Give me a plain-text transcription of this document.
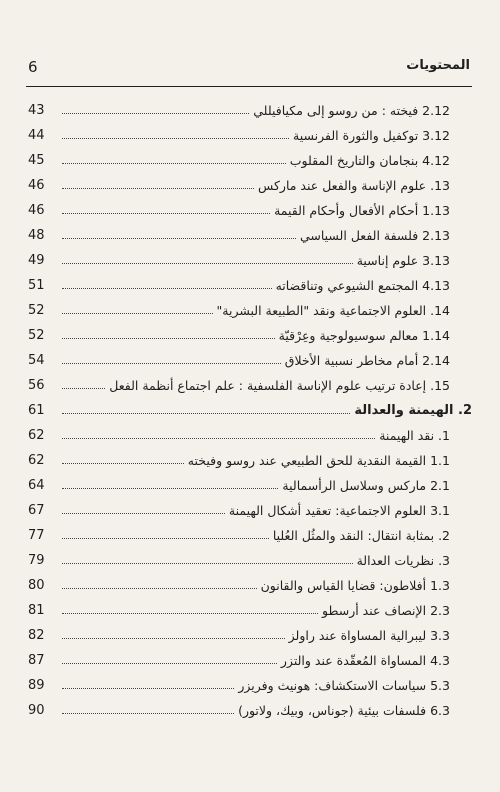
6	المحتويات
2.12 فيخته : من روسو إلى مكيافيللي
43
3.12 توكفيل والثورة الفرنسية
44
4.12 بنجامان والتاريخ المقلوب
45
13. علوم الإناسة والفعل عند ماركس
46
1.13 أحكام الأفعال وأحكام القيمة
46
2.13 فلسفة الفعل السياسي
48
3.13 علوم إناسية
49
4.13 المجتمع الشيوعي وتناقضاته
51
14. العلوم الاجتماعية ونقد "الطبيعة البشرية"
52
1.14 معالم سوسيولوجية وعِرْقيّة
52
2.14 أمام مخاطر نسبية الأخلاق
54
15. إعادة ترتيب علوم الإناسة الفلسفية : علم اجتماع أنظمة الفعل
56
2. الهيمنة والعدالة
61
1. نقد الهيمنة
62
1.1 القيمة النقدية للحق الطبيعي عند روسو وفيخته
62
2.1 ماركس وسلاسل الرأسمالية
64
3.1 العلوم الاجتماعية: تعقيد أشكال الهيمنة
67
2. بمثابة انتقال: النقد والمثُل العُليا
77
3. نظريات العدالة
79
1.3 أفلاطون: قضايا القياس والقانون
80
2.3 الإنصاف عند أرسطو
81
3.3 ليبرالية المساواة عند راولز
82
4.3 المساواة المُعقّدة عند والتزر
87
5.3 سياسات الاستكشاف: هونيث وفريزر
89
6.3 فلسفات بيئية (جوناس، وبيك، ولاتور)
90
